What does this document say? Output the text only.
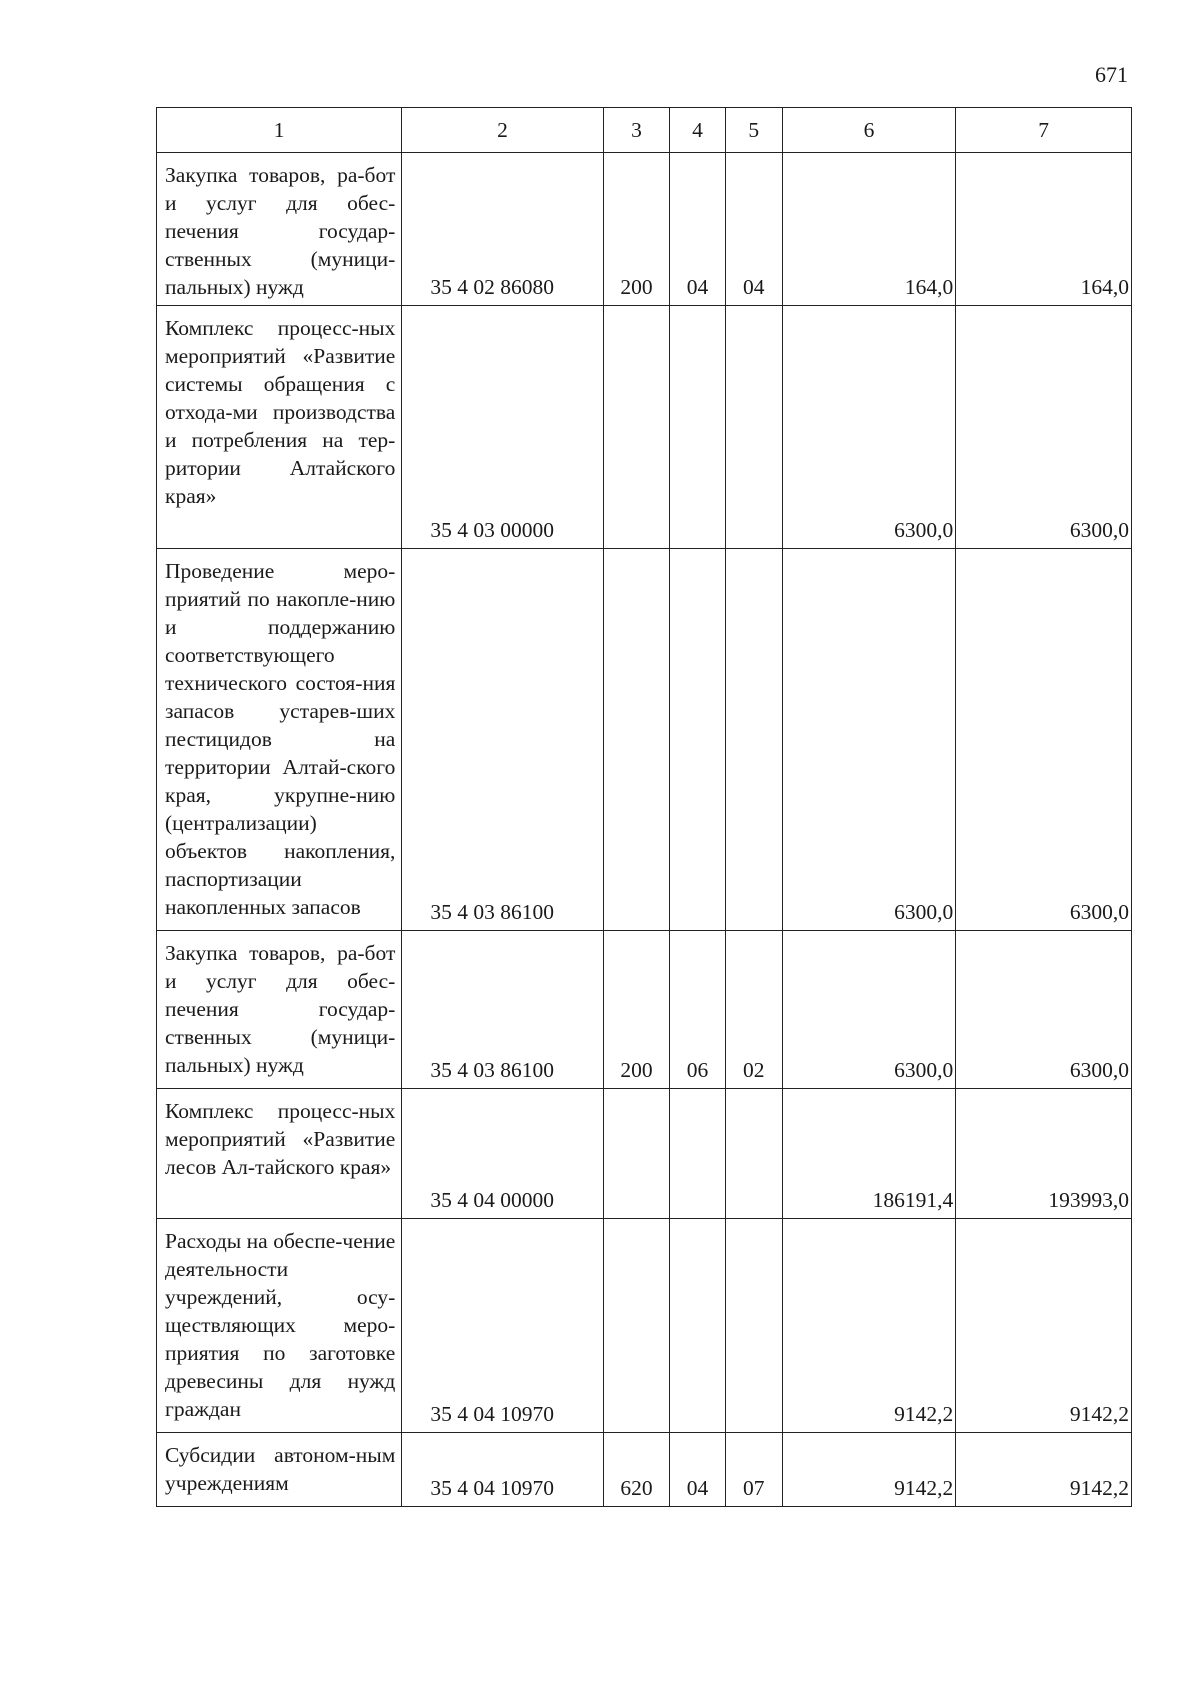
671
1	2	3	4	5	6	7
Закупка товаров, ра-бот и услуг для обес-печения государ-ственных (муници-пальных) нужд	35 4 02 86080	200	04	04	164,0	164,0
Комплекс процесс-ных мероприятий «Развитие системы обращения с отхода-ми производства и потребления на тер-ритории Алтайского края»	35 4 03 00000				6300,0	6300,0
Проведение меро-приятий по накопле-нию и поддержанию соответствующего технического состоя-ния запасов устарев-ших пестицидов на территории Алтай-ского края, укрупне-нию (централизации) объектов накопления, паспортизации накопленных запасов	35 4 03 86100				6300,0	6300,0
Закупка товаров, ра-бот и услуг для обес-печения государ-ственных (муници-пальных) нужд	35 4 03 86100	200	06	02	6300,0	6300,0
Комплекс процесс-ных мероприятий «Развитие лесов Ал-тайского края»	35 4 04 00000				186191,4	193993,0
Расходы на обеспе-чение деятельности учреждений, осу-ществляющих меро-приятия по заготовке древесины для нужд граждан	35 4 04 10970				9142,2	9142,2
Субсидии автоном-ным учреждениям	35 4 04 10970	620	04	07	9142,2	9142,2
